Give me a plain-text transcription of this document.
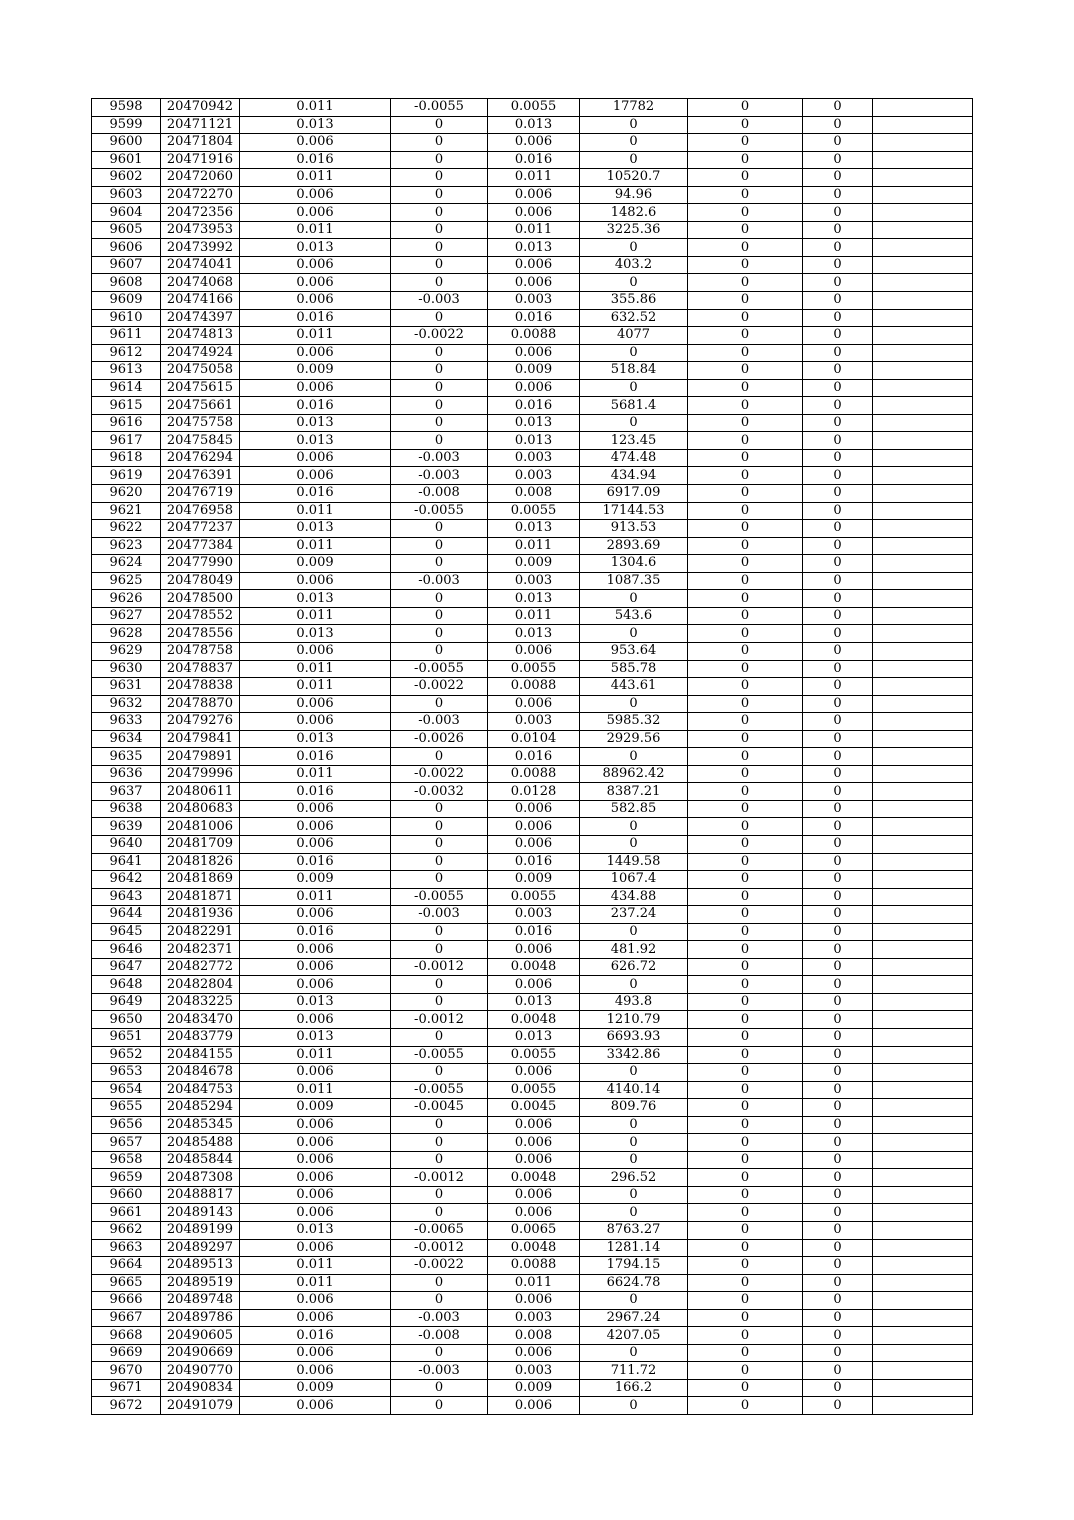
9598	20470942	0.011	-0.0055	0.0055	17782	0	0	
9599	20471121	0.013	0	0.013	0	0	0	
9600	20471804	0.006	0	0.006	0	0	0	
9601	20471916	0.016	0	0.016	0	0	0	
9602	20472060	0.011	0	0.011	10520.7	0	0	
9603	20472270	0.006	0	0.006	94.96	0	0	
9604	20472356	0.006	0	0.006	1482.6	0	0	
9605	20473953	0.011	0	0.011	3225.36	0	0	
9606	20473992	0.013	0	0.013	0	0	0	
9607	20474041	0.006	0	0.006	403.2	0	0	
9608	20474068	0.006	0	0.006	0	0	0	
9609	20474166	0.006	-0.003	0.003	355.86	0	0	
9610	20474397	0.016	0	0.016	632.52	0	0	
9611	20474813	0.011	-0.0022	0.0088	4077	0	0	
9612	20474924	0.006	0	0.006	0	0	0	
9613	20475058	0.009	0	0.009	518.84	0	0	
9614	20475615	0.006	0	0.006	0	0	0	
9615	20475661	0.016	0	0.016	5681.4	0	0	
9616	20475758	0.013	0	0.013	0	0	0	
9617	20475845	0.013	0	0.013	123.45	0	0	
9618	20476294	0.006	-0.003	0.003	474.48	0	0	
9619	20476391	0.006	-0.003	0.003	434.94	0	0	
9620	20476719	0.016	-0.008	0.008	6917.09	0	0	
9621	20476958	0.011	-0.0055	0.0055	17144.53	0	0	
9622	20477237	0.013	0	0.013	913.53	0	0	
9623	20477384	0.011	0	0.011	2893.69	0	0	
9624	20477990	0.009	0	0.009	1304.6	0	0	
9625	20478049	0.006	-0.003	0.003	1087.35	0	0	
9626	20478500	0.013	0	0.013	0	0	0	
9627	20478552	0.011	0	0.011	543.6	0	0	
9628	20478556	0.013	0	0.013	0	0	0	
9629	20478758	0.006	0	0.006	953.64	0	0	
9630	20478837	0.011	-0.0055	0.0055	585.78	0	0	
9631	20478838	0.011	-0.0022	0.0088	443.61	0	0	
9632	20478870	0.006	0	0.006	0	0	0	
9633	20479276	0.006	-0.003	0.003	5985.32	0	0	
9634	20479841	0.013	-0.0026	0.0104	2929.56	0	0	
9635	20479891	0.016	0	0.016	0	0	0	
9636	20479996	0.011	-0.0022	0.0088	88962.42	0	0	
9637	20480611	0.016	-0.0032	0.0128	8387.21	0	0	
9638	20480683	0.006	0	0.006	582.85	0	0	
9639	20481006	0.006	0	0.006	0	0	0	
9640	20481709	0.006	0	0.006	0	0	0	
9641	20481826	0.016	0	0.016	1449.58	0	0	
9642	20481869	0.009	0	0.009	1067.4	0	0	
9643	20481871	0.011	-0.0055	0.0055	434.88	0	0	
9644	20481936	0.006	-0.003	0.003	237.24	0	0	
9645	20482291	0.016	0	0.016	0	0	0	
9646	20482371	0.006	0	0.006	481.92	0	0	
9647	20482772	0.006	-0.0012	0.0048	626.72	0	0	
9648	20482804	0.006	0	0.006	0	0	0	
9649	20483225	0.013	0	0.013	493.8	0	0	
9650	20483470	0.006	-0.0012	0.0048	1210.79	0	0	
9651	20483779	0.013	0	0.013	6693.93	0	0	
9652	20484155	0.011	-0.0055	0.0055	3342.86	0	0	
9653	20484678	0.006	0	0.006	0	0	0	
9654	20484753	0.011	-0.0055	0.0055	4140.14	0	0	
9655	20485294	0.009	-0.0045	0.0045	809.76	0	0	
9656	20485345	0.006	0	0.006	0	0	0	
9657	20485488	0.006	0	0.006	0	0	0	
9658	20485844	0.006	0	0.006	0	0	0	
9659	20487308	0.006	-0.0012	0.0048	296.52	0	0	
9660	20488817	0.006	0	0.006	0	0	0	
9661	20489143	0.006	0	0.006	0	0	0	
9662	20489199	0.013	-0.0065	0.0065	8763.27	0	0	
9663	20489297	0.006	-0.0012	0.0048	1281.14	0	0	
9664	20489513	0.011	-0.0022	0.0088	1794.15	0	0	
9665	20489519	0.011	0	0.011	6624.78	0	0	
9666	20489748	0.006	0	0.006	0	0	0	
9667	20489786	0.006	-0.003	0.003	2967.24	0	0	
9668	20490605	0.016	-0.008	0.008	4207.05	0	0	
9669	20490669	0.006	0	0.006	0	0	0	
9670	20490770	0.006	-0.003	0.003	711.72	0	0	
9671	20490834	0.009	0	0.009	166.2	0	0	
9672	20491079	0.006	0	0.006	0	0	0	
